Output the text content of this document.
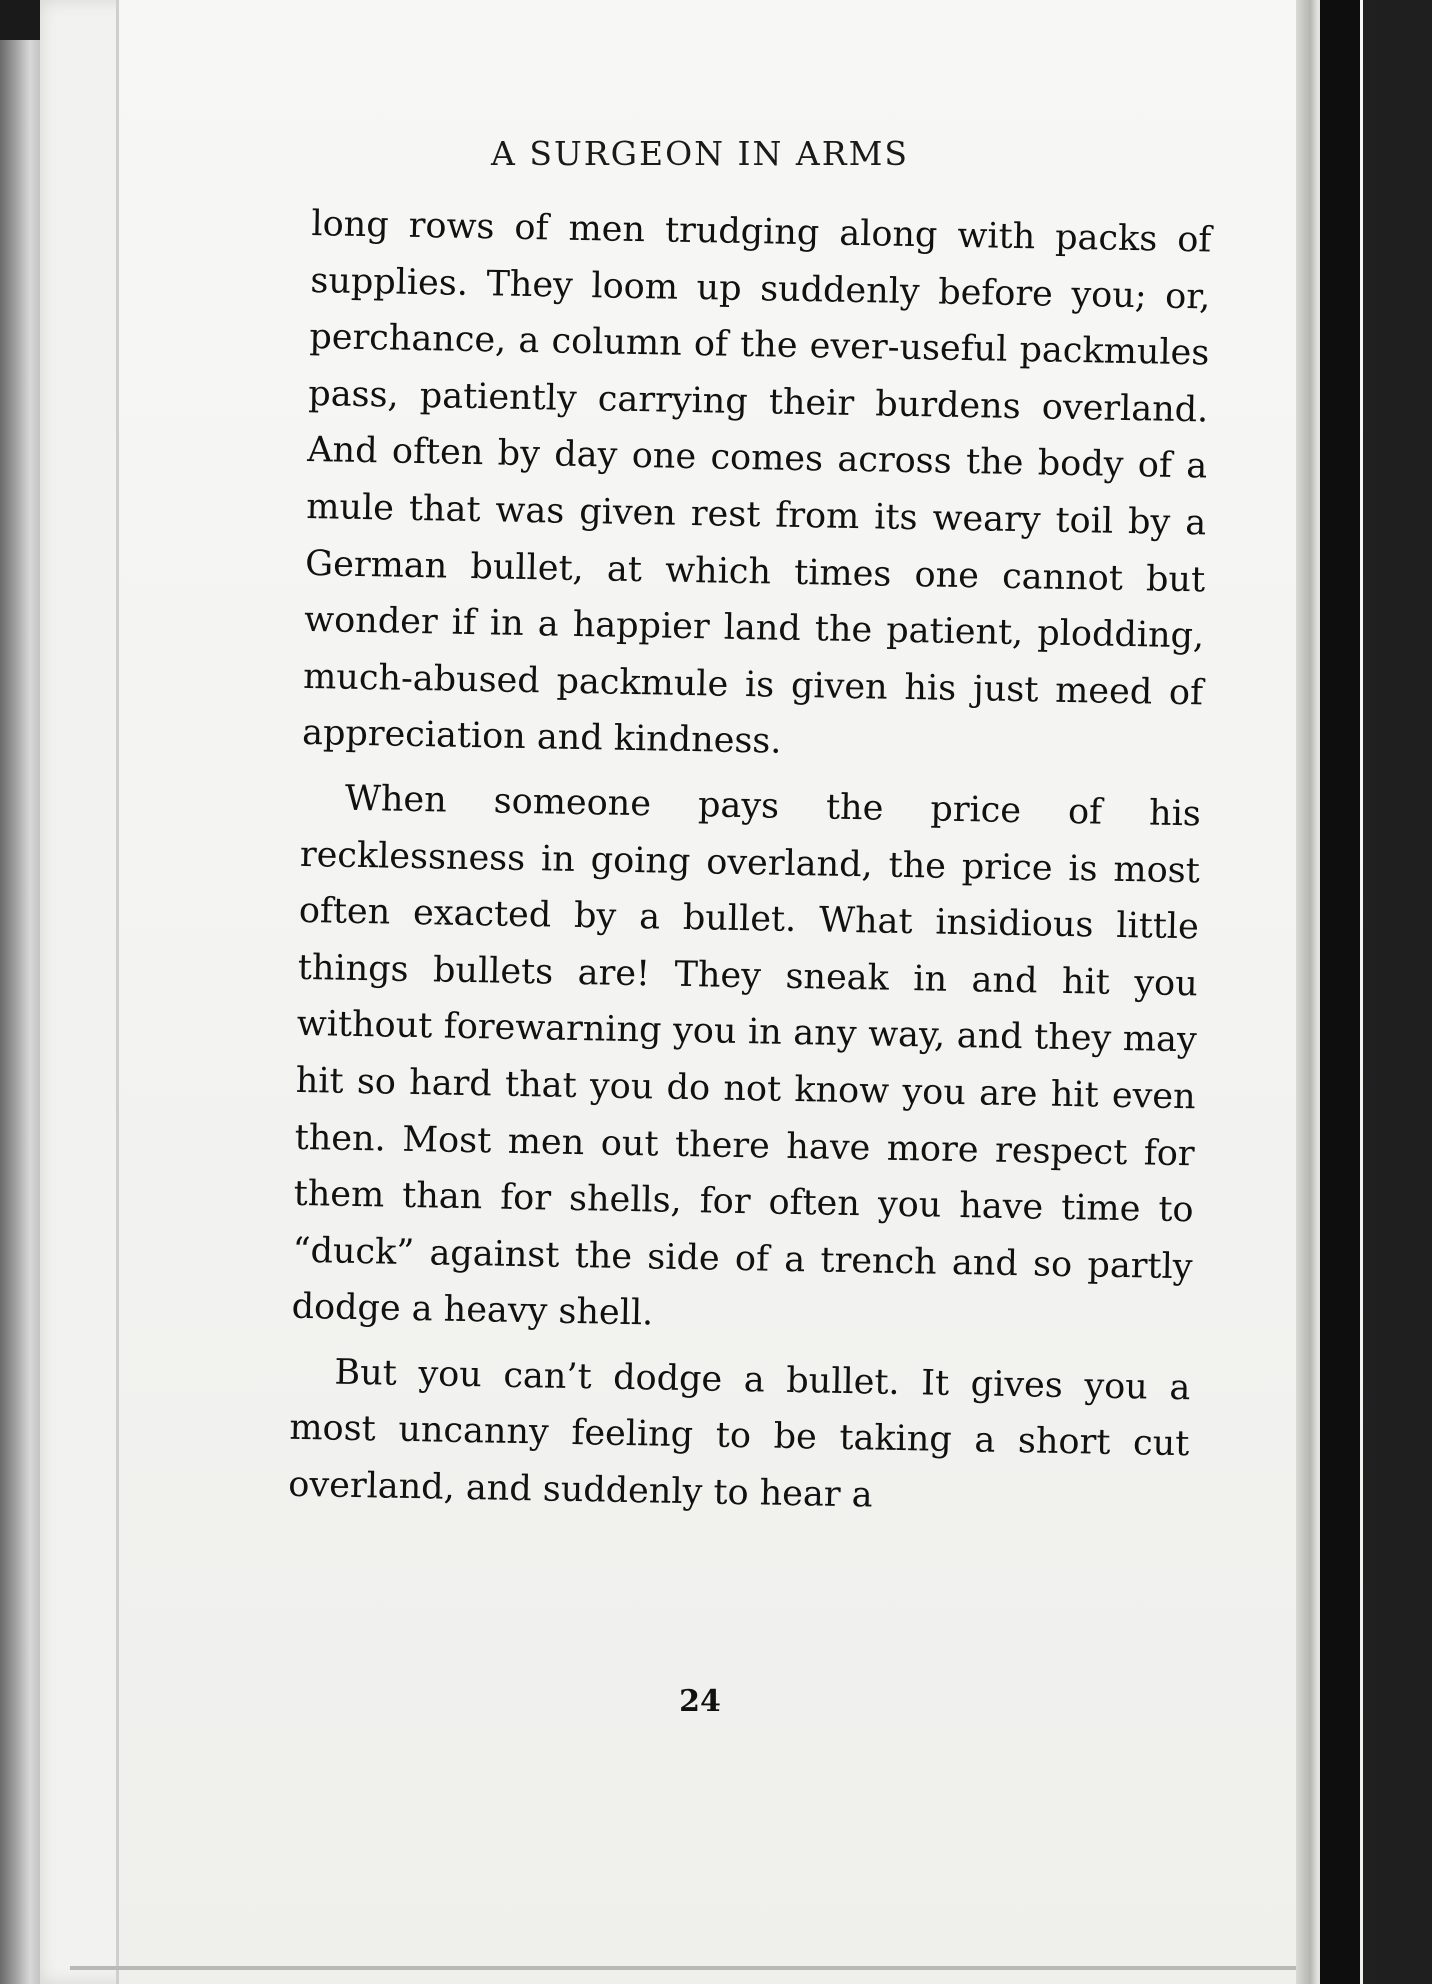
A SURGEON IN ARMS

long rows of men trudging along with packs of supplies. They loom up suddenly before you; or, perchance, a column of the ever-useful packmules pass, patiently carrying their burdens overland. And often by day one comes across the body of a mule that was given rest from its weary toil by a German bullet, at which times one cannot but wonder if in a happier land the patient, plodding, much-abused packmule is given his just meed of appreciation and kindness.

When someone pays the price of his recklessness in going overland, the price is most often exacted by a bullet. What insidious little things bullets are! They sneak in and hit you without forewarning you in any way, and they may hit so hard that you do not know you are hit even then. Most men out there have more respect for them than for shells, for often you have time to “duck” against the side of a trench and so partly dodge a heavy shell.

But you can’t dodge a bullet. It gives you a most uncanny feeling to be taking a short cut overland, and suddenly to hear a

24
